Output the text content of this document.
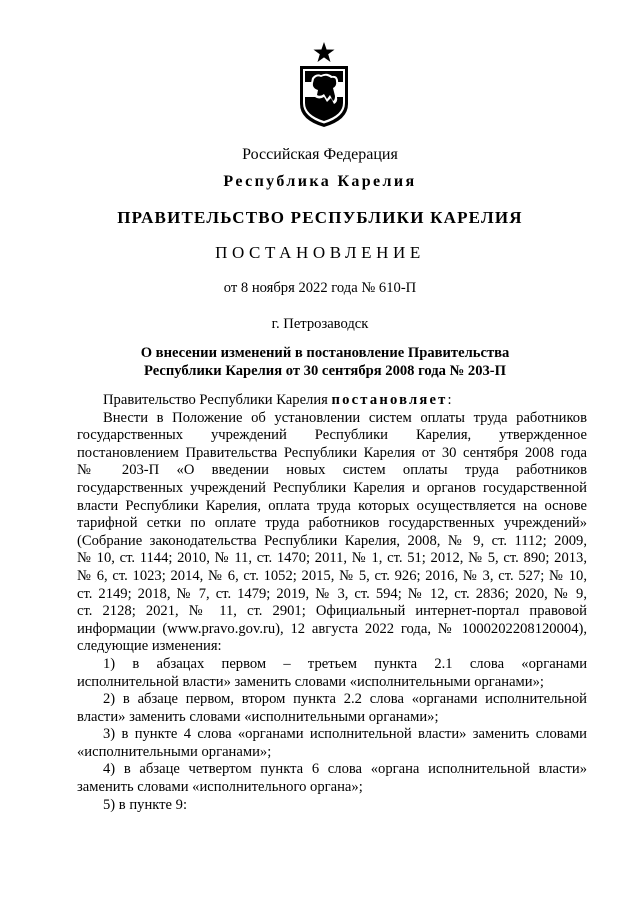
Российская Федерация
Республика Карелия
ПРАВИТЕЛЬСТВО РЕСПУБЛИКИ КАРЕЛИЯ
ПОСТАНОВЛЕНИЕ
от 8 ноября 2022 года № 610-П
г. Петрозаводск
О внесении изменений в постановление Правительства
Республики Карелия от 30 сентября 2008 года № 203-П
Правительство Республики Карелия постановляет:
Внести в Положение об установлении систем оплаты труда работников
государственных учреждений Республики Карелия, утвержденное
постановлением Правительства Республики Карелия от 30 сентября 2008 года
№ 203-П «О введении новых систем оплаты труда работников
государственных учреждений Республики Карелия и органов государственной
власти Республики Карелия, оплата труда которых осуществляется на основе
тарифной сетки по оплате труда работников государственных учреждений»
(Собрание законодательства Республики Карелия, 2008, № 9, ст. 1112; 2009,
№ 10, ст. 1144; 2010, № 11, ст. 1470; 2011, № 1, ст. 51; 2012, № 5, ст. 890; 2013,
№ 6, ст. 1023; 2014, № 6, ст. 1052; 2015, № 5, ст. 926; 2016, № 3, ст. 527; № 10,
ст. 2149; 2018, № 7, ст. 1479; 2019, № 3, ст. 594; № 12, ст. 2836; 2020, № 9,
ст. 2128; 2021, № 11, ст. 2901; Официальный интернет-портал правовой
информации (www.pravo.gov.ru), 12 августа 2022 года, № 1000202208120004),
следующие изменения:
1) в абзацах первом – третьем пункта 2.1 слова «органами
исполнительной власти» заменить словами «исполнительными органами»;
2) в абзаце первом, втором пункта 2.2 слова «органами исполнительной
власти» заменить словами «исполнительными органами»;
3) в пункте 4 слова «органами исполнительной власти» заменить словами
«исполнительными органами»;
4) в абзаце четвертом пункта 6 слова «органа исполнительной власти»
заменить словами «исполнительного органа»;
5) в пункте 9:
